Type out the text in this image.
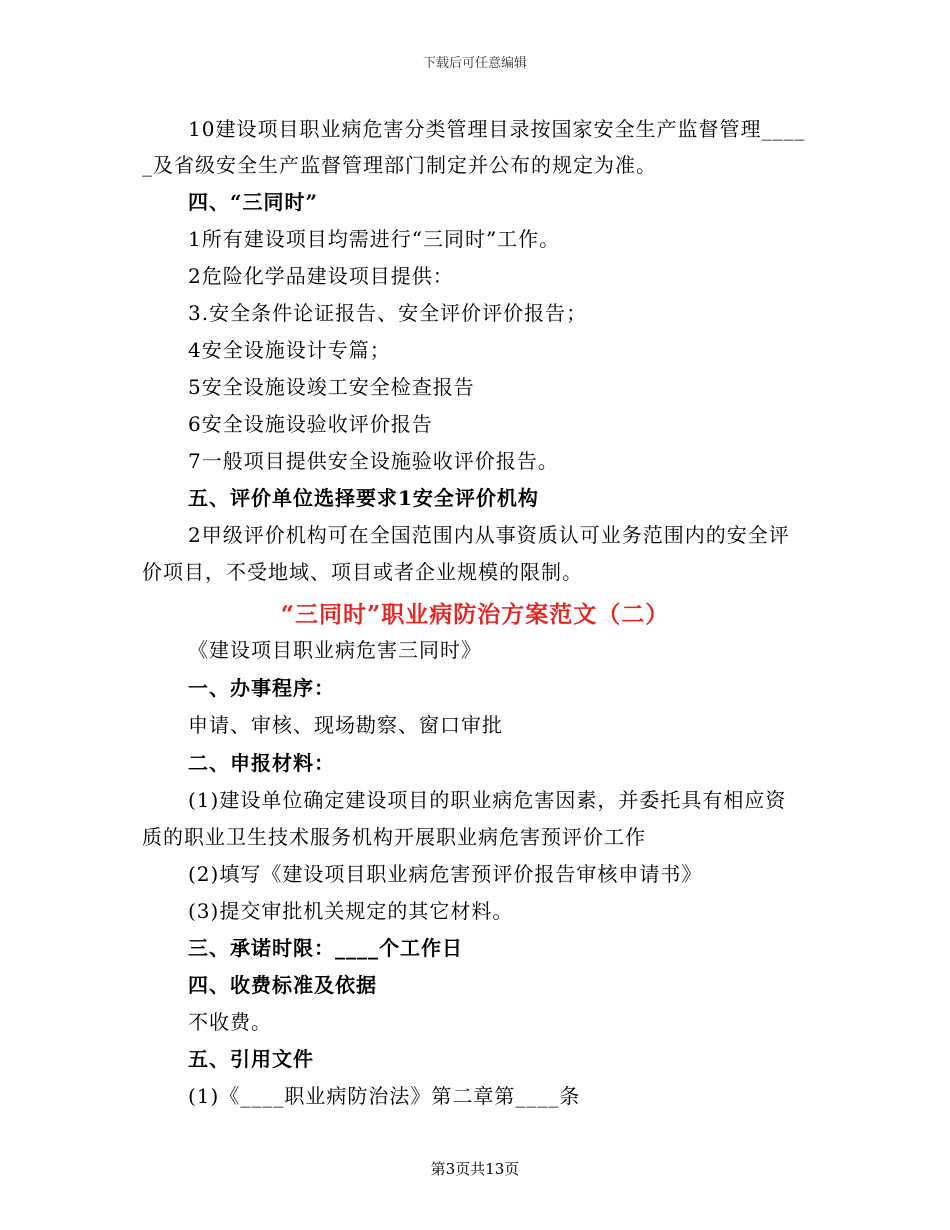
下载后可任意编辑
10建设项目职业病危害分类管理目录按国家安全生产监督管理____
_及省级安全生产监督管理部门制定并公布的规定为准。
四、“三同时”
1所有建设项目均需进行“三同时”工作。
2危险化学品建设项目提供：
3.安全条件论证报告、安全评价评价报告；
4安全设施设计专篇；
5安全设施设竣工安全检查报告
6安全设施设验收评价报告
7一般项目提供安全设施验收评价报告。
五、评价单位选择要求1安全评价机构
2甲级评价机构可在全国范围内从事资质认可业务范围内的安全评
价项目，不受地域、项目或者企业规模的限制。
“三同时”职业病防治方案范文（二）
《建设项目职业病危害三同时》
一、办事程序：
申请、审核、现场勘察、窗口审批
二、申报材料：
(1)建设单位确定建设项目的职业病危害因素，并委托具有相应资
质的职业卫生技术服务机构开展职业病危害预评价工作
(2)填写《建设项目职业病危害预评价报告审核申请书》
(3)提交审批机关规定的其它材料。
三、承诺时限：____个工作日
四、收费标准及依据
不收费。
五、引用文件
(1)《____职业病防治法》第二章第____条
第3页共13页
